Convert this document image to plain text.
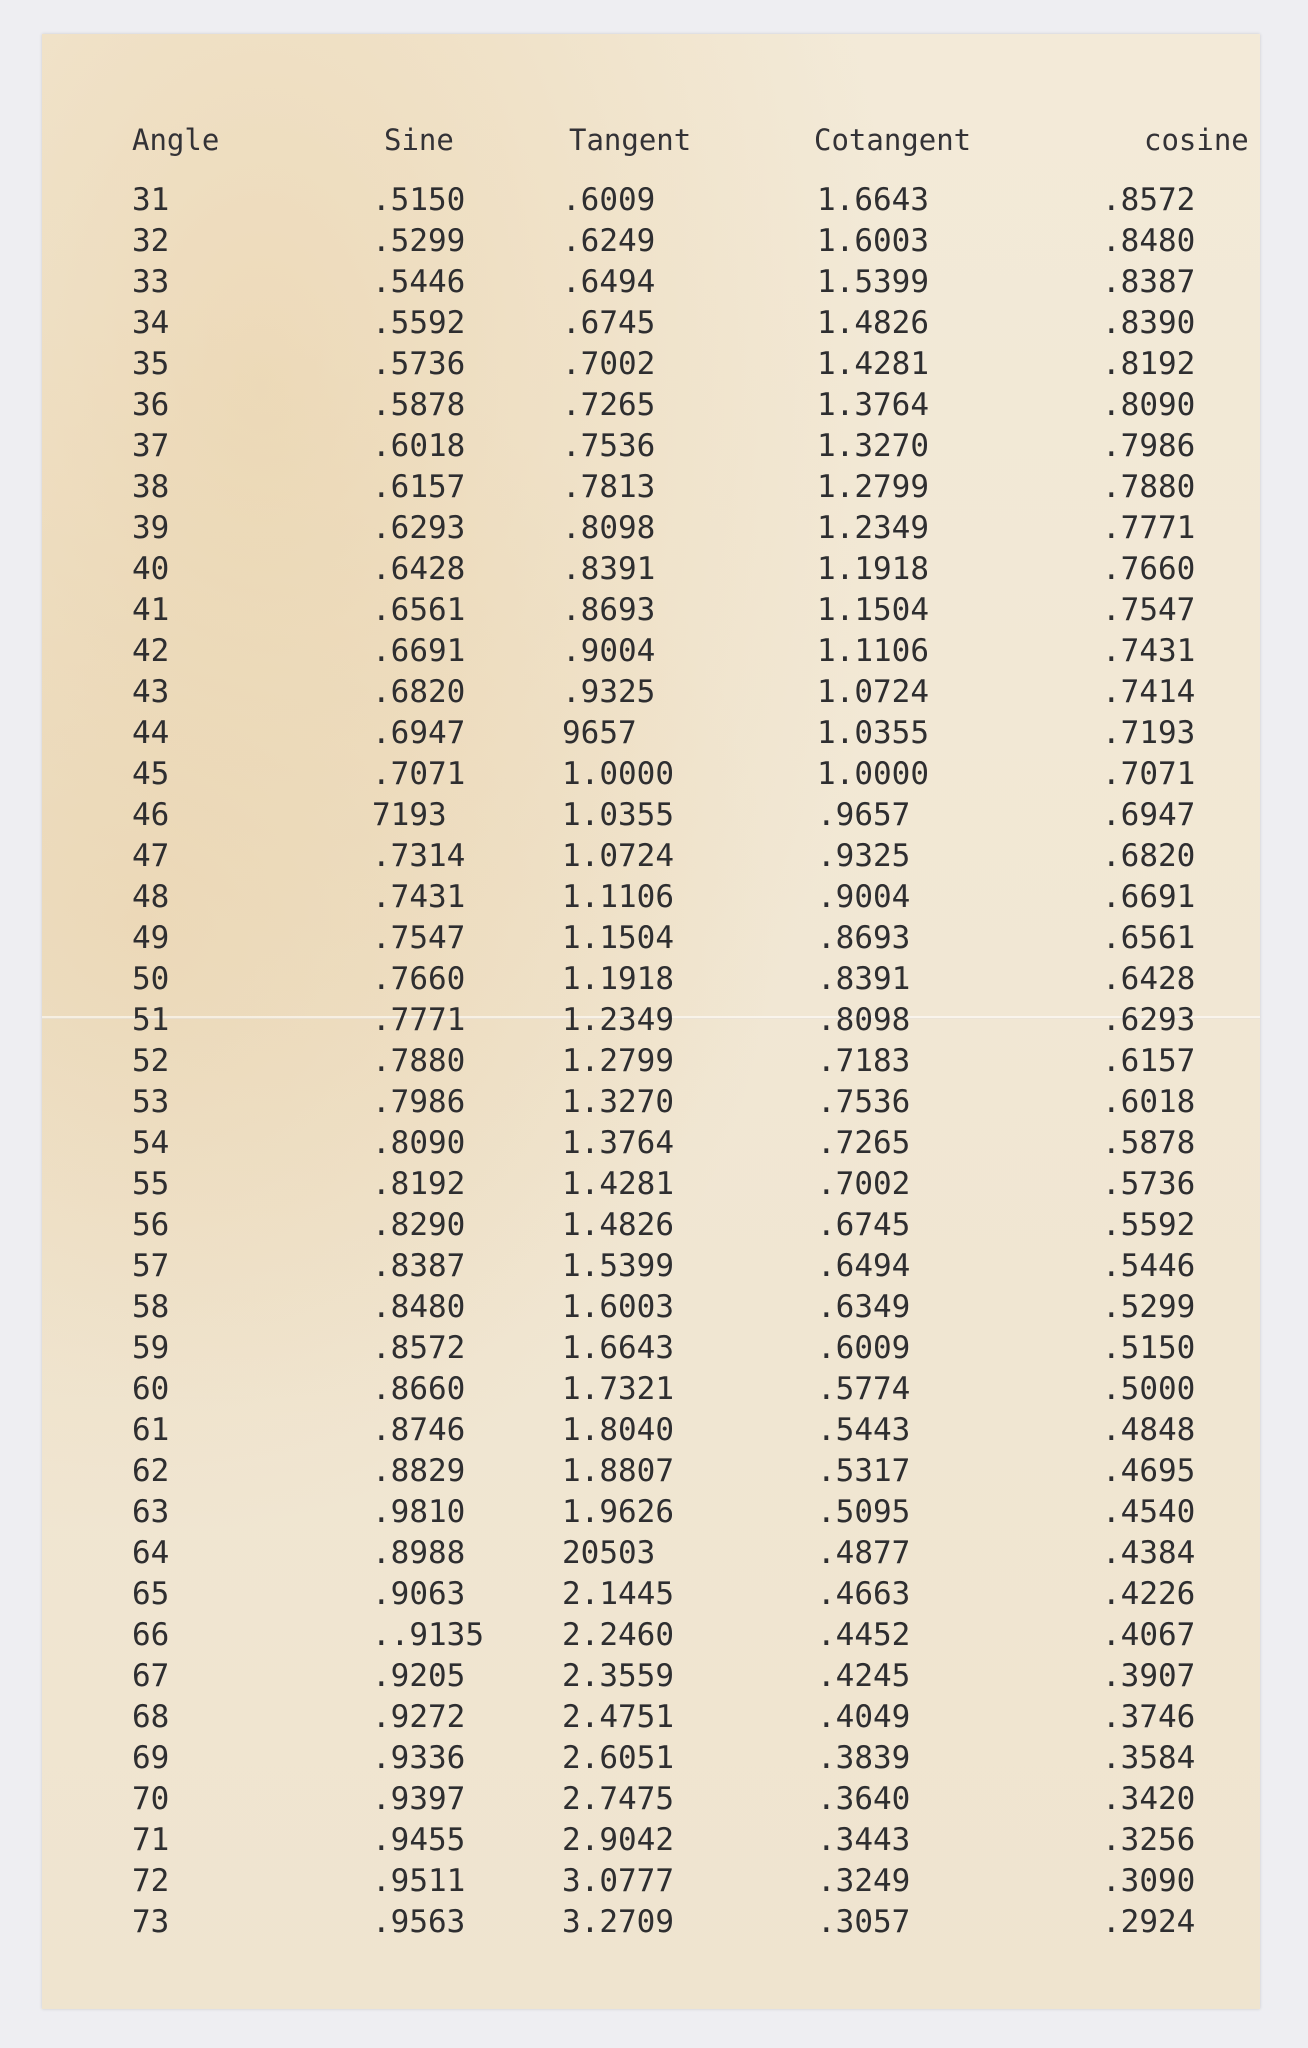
Angle	Sine	Tangent	Cotangent	cosine
31	.5150	.6009	1.6643	.8572
32	.5299	.6249	1.6003	.8480
33	.5446	.6494	1.5399	.8387
34	.5592	.6745	1.4826	.8390
35	.5736	.7002	1.4281	.8192
36	.5878	.7265	1.3764	.8090
37	.6018	.7536	1.3270	.7986
38	.6157	.7813	1.2799	.7880
39	.6293	.8098	1.2349	.7771
40	.6428	.8391	1.1918	.7660
41	.6561	.8693	1.1504	.7547
42	.6691	.9004	1.1106	.7431
43	.6820	.9325	1.0724	.7414
44	.6947	9657	1.0355	.7193
45	.7071	1.0000	1.0000	.7071
46	7193	1.0355	.9657	.6947
47	.7314	1.0724	.9325	.6820
48	.7431	1.1106	.9004	.6691
49	.7547	1.1504	.8693	.6561
50	.7660	1.1918	.8391	.6428
51	.7771	1.2349	.8098	.6293
52	.7880	1.2799	.7183	.6157
53	.7986	1.3270	.7536	.6018
54	.8090	1.3764	.7265	.5878
55	.8192	1.4281	.7002	.5736
56	.8290	1.4826	.6745	.5592
57	.8387	1.5399	.6494	.5446
58	.8480	1.6003	.6349	.5299
59	.8572	1.6643	.6009	.5150
60	.8660	1.7321	.5774	.5000
61	.8746	1.8040	.5443	.4848
62	.8829	1.8807	.5317	.4695
63	.9810	1.9626	.5095	.4540
64	.8988	20503	.4877	.4384
65	.9063	2.1445	.4663	.4226
66	..9135	2.2460	.4452	.4067
67	.9205	2.3559	.4245	.3907
68	.9272	2.4751	.4049	.3746
69	.9336	2.6051	.3839	.3584
70	.9397	2.7475	.3640	.3420
71	.9455	2.9042	.3443	.3256
72	.9511	3.0777	.3249	.3090
73	.9563	3.2709	.3057	.2924
